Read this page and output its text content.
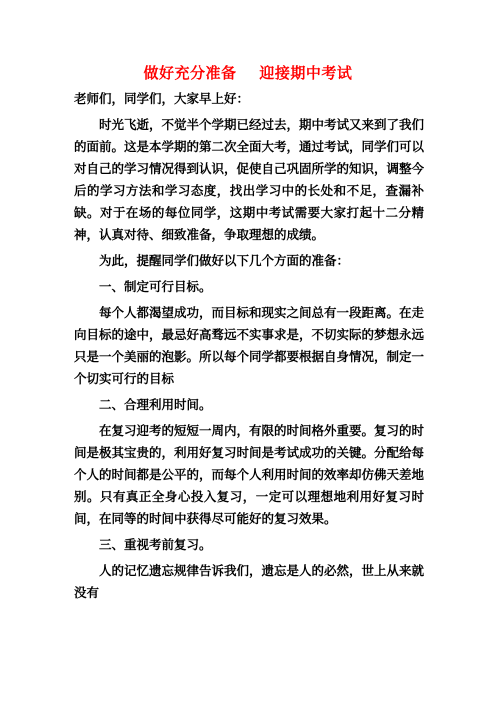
做好充分准备    迎接期中考试

老师们，同学们，大家早上好：

时光飞逝，不觉半个学期已经过去，期中考试又来到了我们的面前。这是本学期的第二次全面大考，通过考试，同学们可以对自己的学习情况得到认识，促使自己巩固所学的知识，调整今后的学习方法和学习态度，找出学习中的长处和不足，查漏补缺。对于在场的每位同学，这期中考试需要大家打起十二分精神，认真对待、细致准备，争取理想的成绩。

为此，提醒同学们做好以下几个方面的准备：

一、制定可行目标。

每个人都渴望成功，而目标和现实之间总有一段距离。在走向目标的途中，最忌好高骛远不实事求是，不切实际的梦想永远只是一个美丽的泡影。所以每个同学都要根据自身情况，制定一个切实可行的目标

二、合理利用时间。

在复习迎考的短短一周内，有限的时间格外重要。复习的时间是极其宝贵的，利用好复习时间是考试成功的关键。分配给每个人的时间都是公平的，而每个人利用时间的效率却仿佛天差地别。只有真正全身心投入复习，一定可以理想地利用好复习时间，在同等的时间中获得尽可能好的复习效果。

三、重视考前复习。

人的记忆遗忘规律告诉我们，遗忘是人的必然，世上从来就没有
